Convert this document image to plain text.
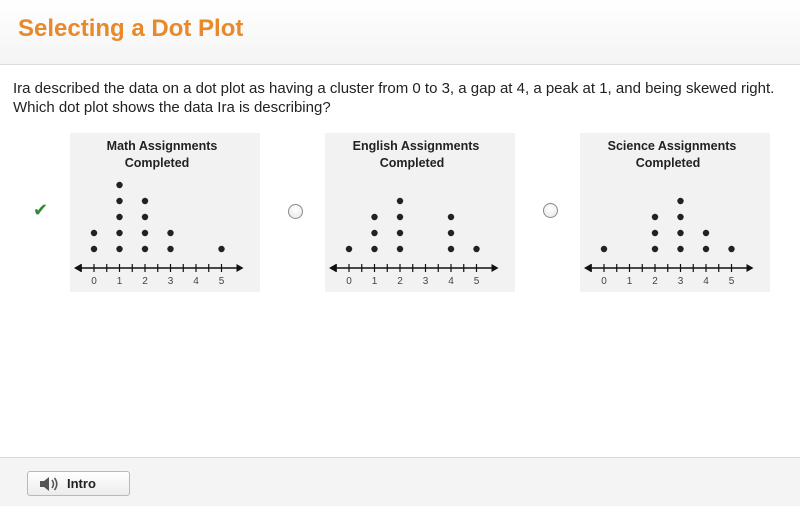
Selecting a Dot Plot

Ira described the data on a dot plot as having a cluster from 0 to 3, a gap at 4, a peak at 1, and being skewed right.

Which dot plot shows the data Ira is describing?

✔
Math Assignments
Completed
0 1 2 3 4 5
English Assignments
Completed
0 1 2 3 4 5
Science Assignments
Completed
0 1 2 3 4 5
Intro
